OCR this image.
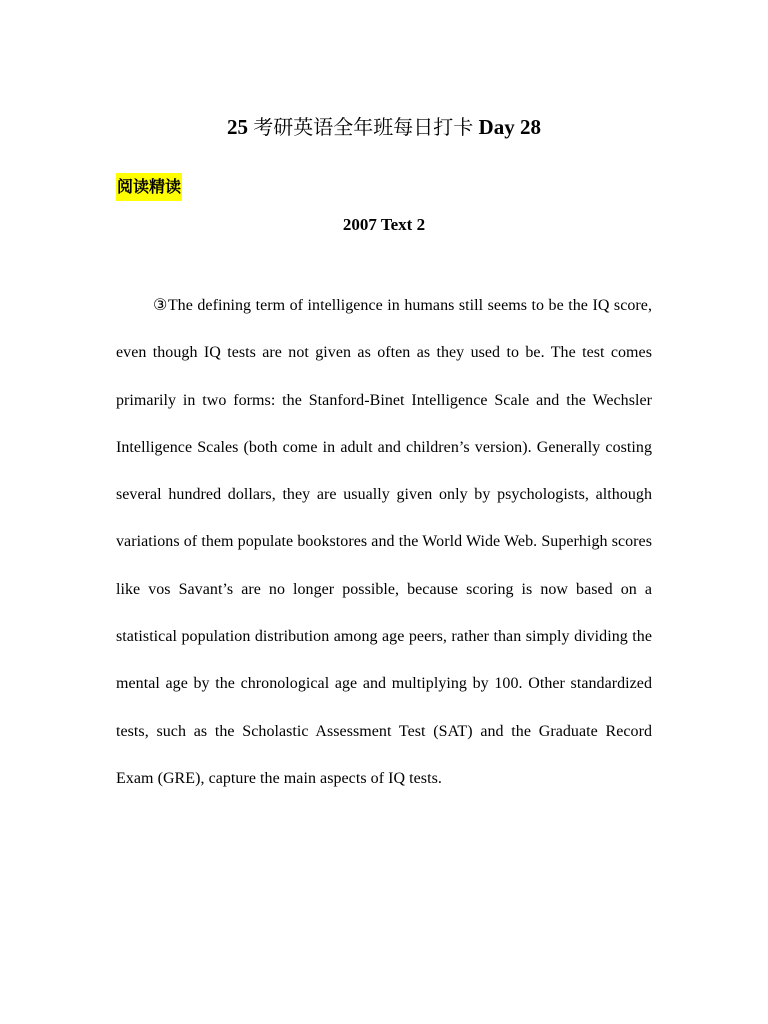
25 考研英语全年班每日打卡 Day 28
阅读精读
2007 Text 2

③The defining term of intelligence in humans still seems to be the IQ score, even though IQ tests are not given as often as they used to be. The test comes primarily in two forms: the Stanford-Binet Intelligence Scale and the Wechsler Intelligence Scales (both come in adult and children’s version). Generally costing several hundred dollars, they are usually given only by psychologists, although variations of them populate bookstores and the World Wide Web. Superhigh scores like vos Savant’s are no longer possible, because scoring is now based on a statistical population distribution among age peers, rather than simply dividing the mental age by the chronological age and multiplying by 100. Other standardized tests, such as the Scholastic Assessment Test (SAT) and the Graduate Record Exam (GRE), capture the main aspects of IQ tests.
